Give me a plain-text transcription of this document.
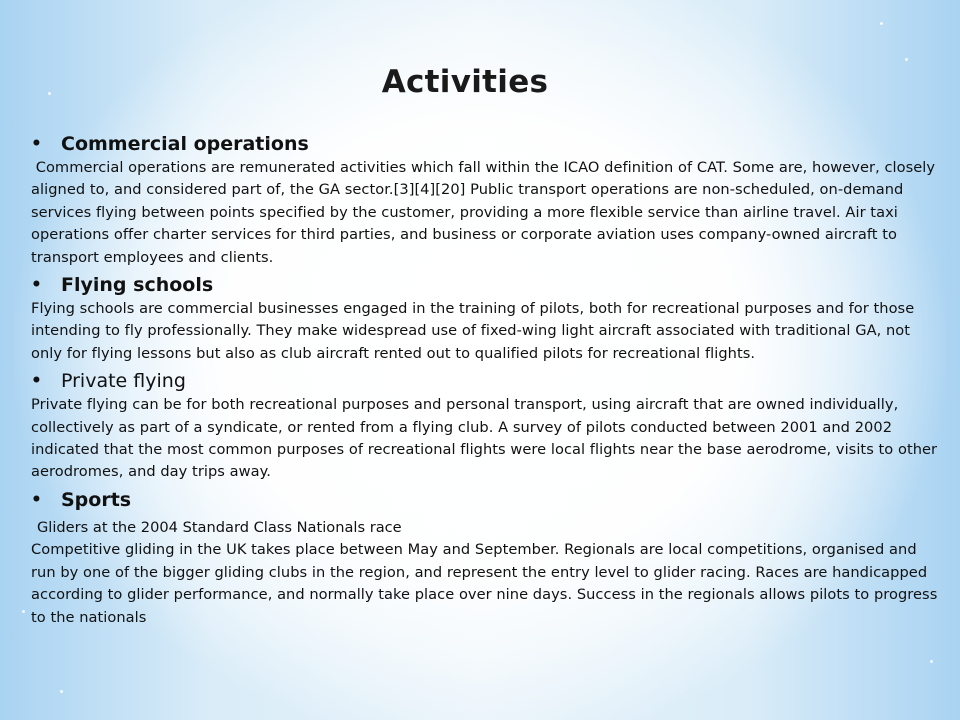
Activities
• Commercial operations

Commercial operations are remunerated activities which fall within the ICAO definition of CAT. Some are, however, closely aligned to, and considered part of, the GA sector.[3][4][20] Public transport operations are non-scheduled, on-demand services flying between points specified by the customer, providing a more flexible service than airline travel. Air taxi operations offer charter services for third parties, and business or corporate aviation uses company-owned aircraft to transport employees and clients.

• Flying schools

Flying schools are commercial businesses engaged in the training of pilots, both for recreational purposes and for those intending to fly professionally. They make widespread use of fixed-wing light aircraft associated with traditional GA, not only for flying lessons but also as club aircraft rented out to qualified pilots for recreational flights.

• Private flying

Private flying can be for both recreational purposes and personal transport, using aircraft that are owned individually, collectively as part of a syndicate, or rented from a flying club. A survey of pilots conducted between 2001 and 2002 indicated that the most common purposes of recreational flights were local flights near the base aerodrome, visits to other aerodromes, and day trips away.

• Sports
Gliders at the 2004 Standard Class Nationals race

Competitive gliding in the UK takes place between May and September. Regionals are local competitions, organised and run by one of the bigger gliding clubs in the region, and represent the entry level to glider racing. Races are handicapped according to glider performance, and normally take place over nine days. Success in the regionals allows pilots to progress to the nationals
